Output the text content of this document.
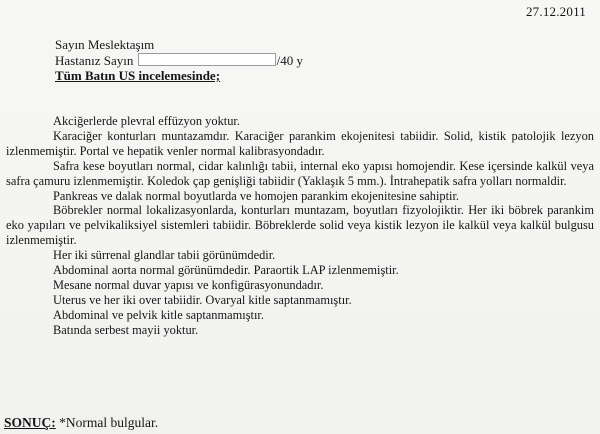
27.12.2011
Sayın Meslektaşım
Hastanız Sayın	/40 y
Tüm Batın US incelemesinde;

Akciğerlerde plevral effüzyon yoktur.

Karaciğer konturları muntazamdır. Karaciğer parankim ekojenitesi tabiidir. Solid, kistik patolojik lezyon izlenmemiştir. Portal ve hepatik venler normal kalibrasyondadır.

Safra kese boyutları normal, cidar kalınlığı tabii, internal eko yapısı homojendir. Kese içersinde kalkül veya safra çamuru izlenmemiştir. Koledok çap genişliği tabiidir (Yaklaşık 5 mm.). İntrahepatik safra yolları normaldir.

Pankreas ve dalak normal boyutlarda ve homojen parankim ekojenitesine sahiptir.

Böbrekler normal lokalizasyonlarda, konturları muntazam, boyutları fizyolojiktir. Her iki böbrek parankim eko yapıları ve pelvikaliksiyel sistemleri tabiidir. Böbreklerde solid veya kistik lezyon ile kalkül veya kalkül bulgusu izlenmemiştir.

Her iki sürrenal glandlar tabii görünümdedir.

Abdominal aorta normal görünümdedir. Paraortik LAP izlenmemiştir.

Mesane normal duvar yapısı ve konfigürasyonundadır.

Uterus ve her iki over tabiidir. Ovaryal kitle saptanmamıştır.

Abdominal ve pelvik kitle saptanmamıştır.

Batında serbest mayii yoktur.

SONUÇ: *Normal bulgular.
